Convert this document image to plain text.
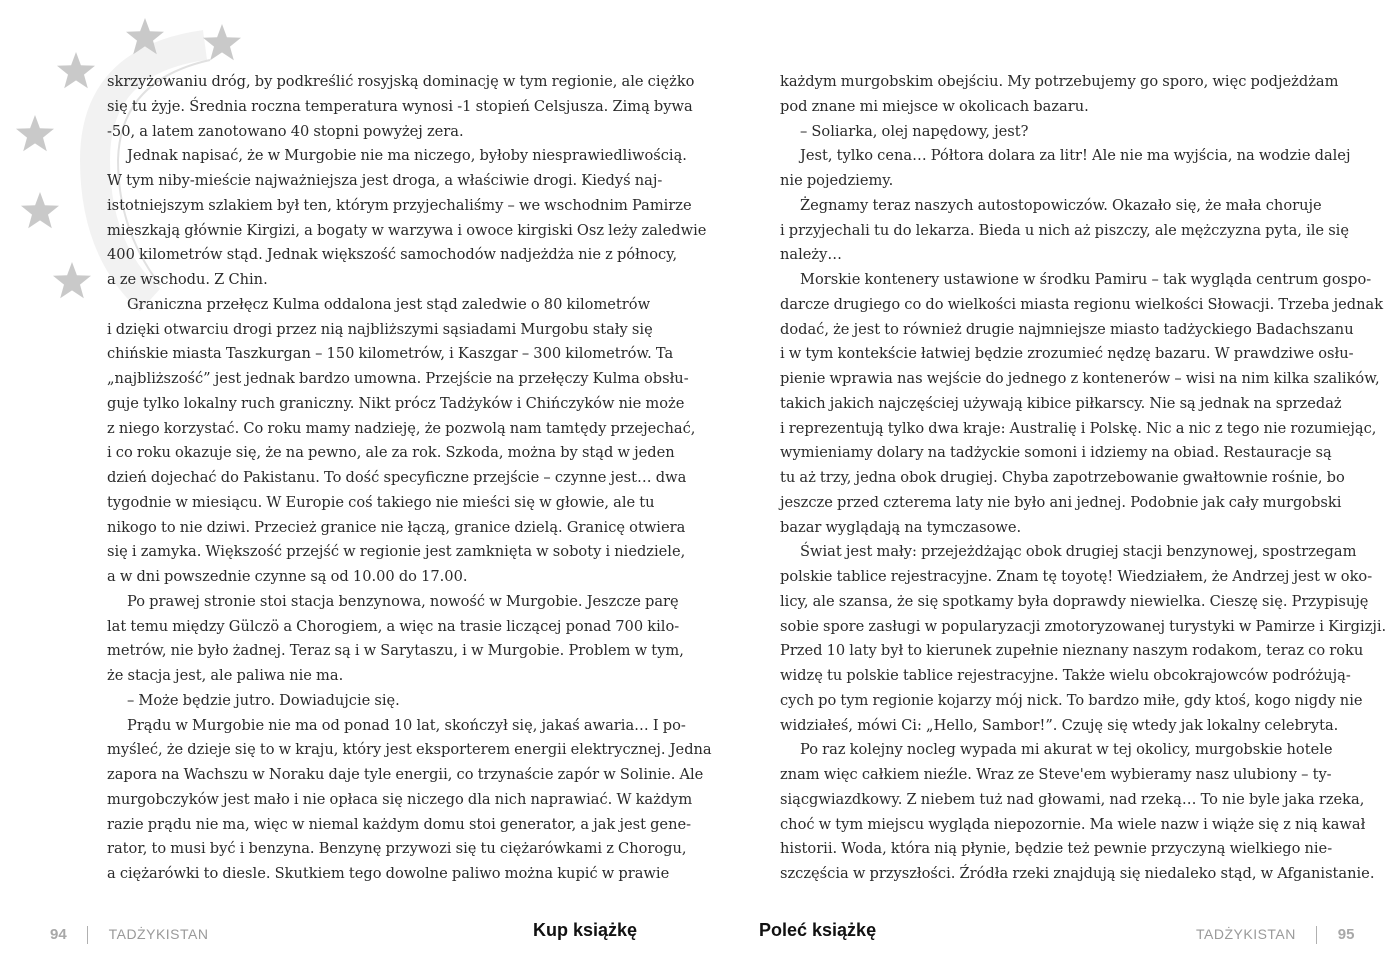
skrzyżowaniu dróg, by podkreślić rosyjską dominację w tym regionie, ale ciężko
się tu żyje. Średnia roczna temperatura wynosi -1 stopień Celsjusza. Zimą bywa
-50, a latem zanotowano 40 stopni powyżej zera.
Jednak napisać, że w Murgobie nie ma niczego, byłoby niesprawiedliwością.
W tym niby-mieście najważniejsza jest droga, a właściwie drogi. Kiedyś naj-
istotniejszym szlakiem był ten, którym przyjechaliśmy – we wschodnim Pamirze
mieszkają głównie Kirgizi, a bogaty w warzywa i owoce kirgiski Osz leży zaledwie
400 kilometrów stąd. Jednak większość samochodów nadjeżdża nie z północy,
a ze wschodu. Z Chin.
Graniczna przełęcz Kulma oddalona jest stąd zaledwie o 80 kilometrów
i dzięki otwarciu drogi przez nią najbliższymi sąsiadami Murgobu stały się
chińskie miasta Taszkurgan – 150 kilometrów, i Kaszgar – 300 kilometrów. Ta
„najbliższość” jest jednak bardzo umowna. Przejście na przełęczy Kulma obsłu-
guje tylko lokalny ruch graniczny. Nikt prócz Tadżyków i Chińczyków nie może
z niego korzystać. Co roku mamy nadzieję, że pozwolą nam tamtędy przejechać,
i co roku okazuje się, że na pewno, ale za rok. Szkoda, można by stąd w jeden
dzień dojechać do Pakistanu. To dość specyficzne przejście – czynne jest… dwa
tygodnie w miesiącu. W Europie coś takiego nie mieści się w głowie, ale tu
nikogo to nie dziwi. Przecież granice nie łączą, granice dzielą. Granicę otwiera
się i zamyka. Większość przejść w regionie jest zamknięta w soboty i niedziele,
a w dni powszednie czynne są od 10.00 do 17.00.
Po prawej stronie stoi stacja benzynowa, nowość w Murgobie. Jeszcze parę
lat temu między Gülczö a Chorogiem, a więc na trasie liczącej ponad 700 kilo-
metrów, nie było żadnej. Teraz są i w Sarytaszu, i w Murgobie. Problem w tym,
że stacja jest, ale paliwa nie ma.
– Może będzie jutro. Dowiadujcie się.
Prądu w Murgobie nie ma od ponad 10 lat, skończył się, jakaś awaria… I po-
myśleć, że dzieje się to w kraju, który jest eksporterem energii elektrycznej. Jedna
zapora na Wachszu w Noraku daje tyle energii, co trzynaście zapór w Solinie. Ale
murgobczyków jest mało i nie opłaca się niczego dla nich naprawiać. W każdym
razie prądu nie ma, więc w niemal każdym domu stoi generator, a jak jest gene-
rator, to musi być i benzyna. Benzynę przywozi się tu ciężarówkami z Chorogu,
a ciężarówki to diesle. Skutkiem tego dowolne paliwo można kupić w prawie
każdym murgobskim obejściu. My potrzebujemy go sporo, więc podjeżdżam
pod znane mi miejsce w okolicach bazaru.
– Soliarka, olej napędowy, jest?
Jest, tylko cena… Półtora dolara za litr! Ale nie ma wyjścia, na wodzie dalej
nie pojedziemy.
Żegnamy teraz naszych autostopowiczów. Okazało się, że mała choruje
i przyjechali tu do lekarza. Bieda u nich aż piszczy, ale mężczyzna pyta, ile się
należy…
Morskie kontenery ustawione w środku Pamiru – tak wygląda centrum gospo-
darcze drugiego co do wielkości miasta regionu wielkości Słowacji. Trzeba jednak
dodać, że jest to również drugie najmniejsze miasto tadżyckiego Badachszanu
i w tym kontekście łatwiej będzie zrozumieć nędzę bazaru. W prawdziwe osłu-
pienie wprawia nas wejście do jednego z kontenerów – wisi na nim kilka szalików,
takich jakich najczęściej używają kibice piłkarscy. Nie są jednak na sprzedaż
i reprezentują tylko dwa kraje: Australię i Polskę. Nic a nic z tego nie rozumiejąc,
wymieniamy dolary na tadżyckie somoni i idziemy na obiad. Restauracje są
tu aż trzy, jedna obok drugiej. Chyba zapotrzebowanie gwałtownie rośnie, bo
jeszcze przed czterema laty nie było ani jednej. Podobnie jak cały murgobski
bazar wyglądają na tymczasowe.
Świat jest mały: przejeżdżając obok drugiej stacji benzynowej, spostrzegam
polskie tablice rejestracyjne. Znam tę toyotę! Wiedziałem, że Andrzej jest w oko-
licy, ale szansa, że się spotkamy była doprawdy niewielka. Cieszę się. Przypisuję
sobie spore zasługi w popularyzacji zmotoryzowanej turystyki w Pamirze i Kirgizji.
Przed 10 laty był to kierunek zupełnie nieznany naszym rodakom, teraz co roku
widzę tu polskie tablice rejestracyjne. Także wielu obcokrajowców podróżują-
cych po tym regionie kojarzy mój nick. To bardzo miłe, gdy ktoś, kogo nigdy nie
widziałeś, mówi Ci: „Hello, Sambor!”. Czuję się wtedy jak lokalny celebryta.
Po raz kolejny nocleg wypada mi akurat w tej okolicy, murgobskie hotele
znam więc całkiem nieźle. Wraz ze Steve'em wybieramy nasz ulubiony – ty-
siącgwiazdkowy. Z niebem tuż nad głowami, nad rzeką… To nie byle jaka rzeka,
choć w tym miejscu wygląda niepozornie. Ma wiele nazw i wiąże się z nią kawał
historii. Woda, która nią płynie, będzie też pewnie przyczyną wielkiego nie-
szczęścia w przyszłości. Źródła rzeki znajdują się niedaleko stąd, w Afganistanie.
94	TADŻYKISTAN	Kup książkę	Poleć książkę	TADŻYKISTAN	95
